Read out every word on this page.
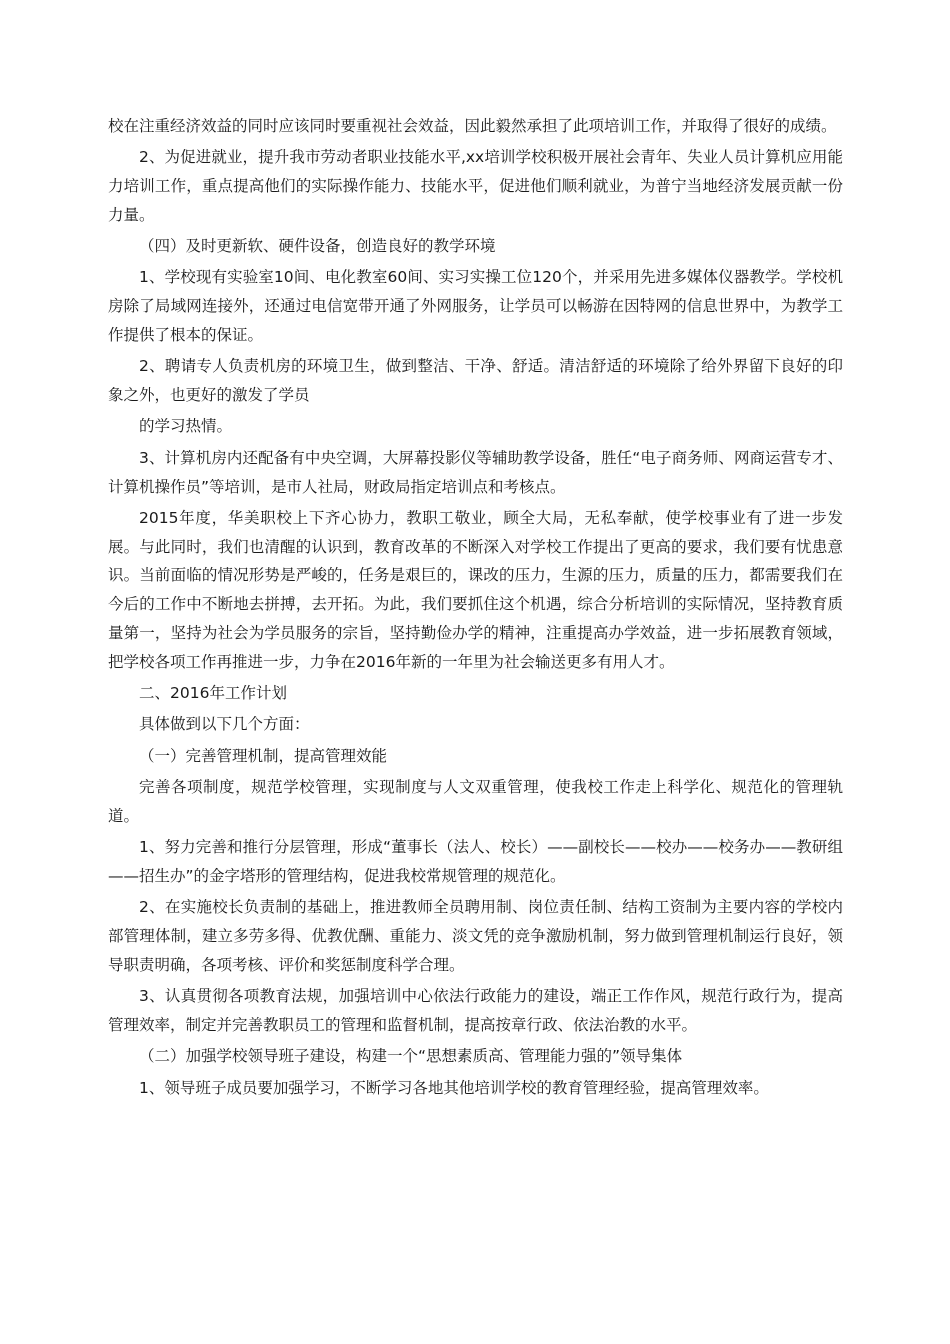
校在注重经济效益的同时应该同时要重视社会效益，因此毅然承担了此项培训工作，并取得了很好的成绩。

2、为促进就业，提升我市劳动者职业技能水平,xx培训学校积极开展社会青年、失业人员计算机应用能力培训工作，重点提高他们的实际操作能力、技能水平，促进他们顺利就业，为普宁当地经济发展贡献一份力量。

（四）及时更新软、硬件设备，创造良好的教学环境

1、学校现有实验室10间、电化教室60间、实习实操工位120个，并采用先进多媒体仪器教学。学校机房除了局域网连接外，还通过电信宽带开通了外网服务，让学员可以畅游在因特网的信息世界中，为教学工作提供了根本的保证。

2、聘请专人负责机房的环境卫生，做到整洁、干净、舒适。清洁舒适的环境除了给外界留下良好的印象之外，也更好的激发了学员

的学习热情。

3、计算机房内还配备有中央空调，大屏幕投影仪等辅助教学设备，胜任“电子商务师、网商运营专才、计算机操作员”等培训，是市人社局，财政局指定培训点和考核点。

2015年度，华美职校上下齐心协力，教职工敬业，顾全大局，无私奉献，使学校事业有了进一步发展。与此同时，我们也清醒的认识到，教育改革的不断深入对学校工作提出了更高的要求，我们要有忧患意识。当前面临的情况形势是严峻的，任务是艰巨的，课改的压力，生源的压力，质量的压力，都需要我们在今后的工作中不断地去拼搏，去开拓。为此，我们要抓住这个机遇，综合分析培训的实际情况，坚持教育质量第一，坚持为社会为学员服务的宗旨，坚持勤俭办学的精神，注重提高办学效益，进一步拓展教育领域，把学校各项工作再推进一步，力争在2016年新的一年里为社会输送更多有用人才。

二、2016年工作计划

具体做到以下几个方面：

（一）完善管理机制，提高管理效能

完善各项制度，规范学校管理，实现制度与人文双重管理，使我校工作走上科学化、规范化的管理轨道。

1、努力完善和推行分层管理，形成“董事长（法人、校长）——副校长——校办——校务办——教研组——招生办”的金字塔形的管理结构，促进我校常规管理的规范化。

2、在实施校长负责制的基础上，推进教师全员聘用制、岗位责任制、结构工资制为主要内容的学校内部管理体制，建立多劳多得、优教优酬、重能力、淡文凭的竞争激励机制，努力做到管理机制运行良好，领导职责明确，各项考核、评价和奖惩制度科学合理。

3、认真贯彻各项教育法规，加强培训中心依法行政能力的建设，端正工作作风，规范行政行为，提高管理效率，制定并完善教职员工的管理和监督机制，提高按章行政、依法治教的水平。

（二）加强学校领导班子建设，构建一个“思想素质高、管理能力强的”领导集体

1、领导班子成员要加强学习，不断学习各地其他培训学校的教育管理经验，提高管理效率。
